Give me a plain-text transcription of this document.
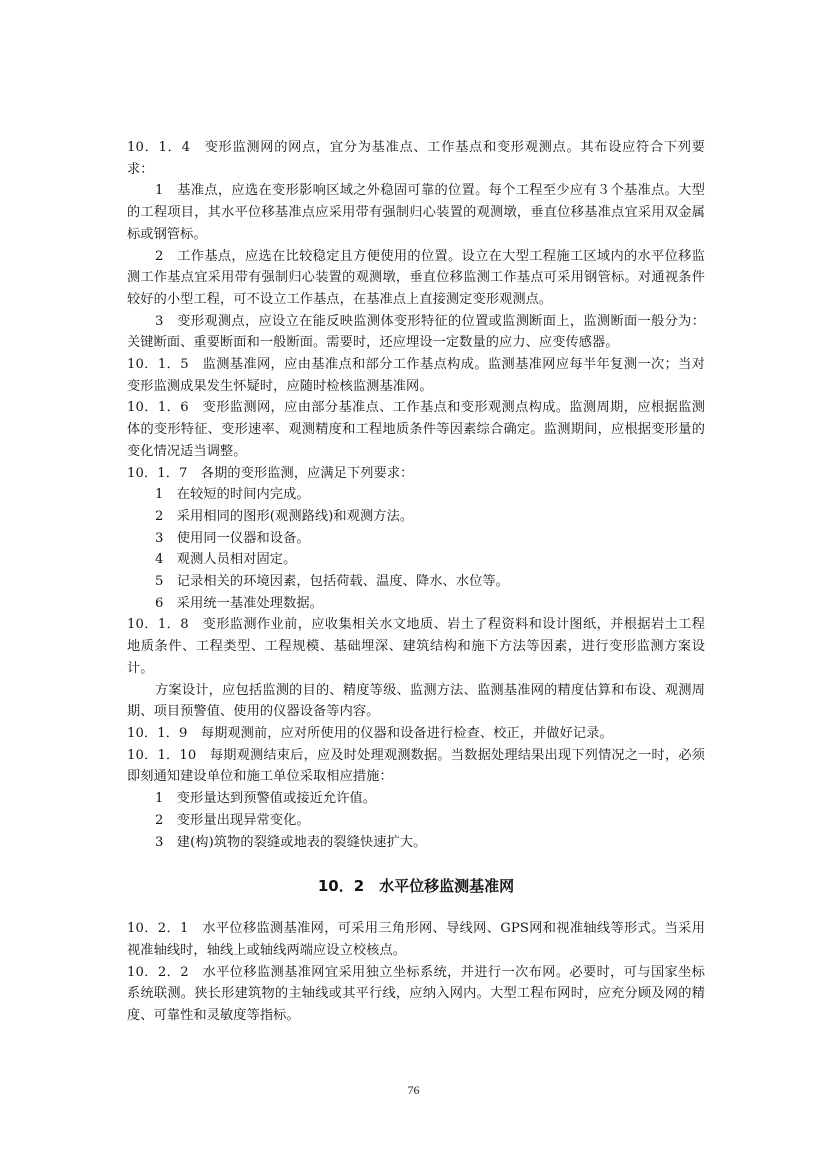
10．1．4　变形监测网的网点，宜分为基准点、工作基点和变形观测点。其布设应符合下列要求：

1　基准点，应选在变形影响区域之外稳固可靠的位置。每个工程至少应有３个基准点。大型的工程项目，其水平位移基准点应采用带有强制归心装置的观测墩，垂直位移基准点宜采用双金属标或钢管标。

2　工作基点，应选在比较稳定且方便使用的位置。设立在大型工程施工区域内的水平位移监测工作基点宜采用带有强制归心装置的观测墩，垂直位移监测工作基点可采用钢管标。对通视条件较好的小型工程，可不设立工作基点，在基准点上直接测定变形观测点。

3　变形观测点，应设立在能反映监测体变形特征的位置或监测断面上，监测断面一般分为：关键断面、重要断面和一般断面。需要时，还应埋设一定数量的应力、应变传感器。

10．1．5　监测基准网，应由基准点和部分工作基点构成。监测基准网应每半年复测一次；当对变形监测成果发生怀疑时，应随时检核监测基准网。

10．1．6　变形监测网，应由部分基准点、工作基点和变形观测点构成。监测周期，应根据监测体的变形特征、变形速率、观测精度和工程地质条件等因素综合确定。监测期间，应根据变形量的变化情况适当调整。

10．1．7　各期的变形监测，应满足下列要求：

1　在较短的时间内完成。

2　采用相同的图形(观测路线)和观测方法。

3　使用同一仪器和设备。

4　观测人员相对固定。

5　记录相关的环境因素，包括荷载、温度、降水、水位等。

6　采用统一基准处理数据。

10．1．8　变形监测作业前，应收集相关水文地质、岩土了程资料和设计图纸，并根据岩土工程地质条件、工程类型、工程规模、基础埋深、建筑结构和施下方法等因素，进行变形监测方案设计。

方案设计，应包括监测的目的、精度等级、监测方法、监测基准网的精度估算和布设、观测周期、项目预警值、使用的仪器设备等内容。

10．1．9　每期观测前，应对所使用的仪器和设备进行检查、校正，并做好记录。

10．1．10　每期观测结束后，应及时处理观测数据。当数据处理结果出现下列情况之一时，必须即刻通知建设单位和施工单位采取相应措施：

1　变形量达到预警值或接近允许值。

2　变形量出现异常变化。

3　建(构)筑物的裂缝或地表的裂缝快速扩大。

10．2　水平位移监测基准网

10．2．1　水平位移监测基准网，可采用三角形网、导线网、GPS网和视准轴线等形式。当采用视准轴线时，轴线上或轴线两端应设立校核点。

10．2．2　水平位移监测基准网宜采用独立坐标系统，并进行一次布网。必要时，可与国家坐标系统联测。狭长形建筑物的主轴线或其平行线，应纳入网内。大型工程布网时，应充分顾及网的精度、可靠性和灵敏度等指标。

76
